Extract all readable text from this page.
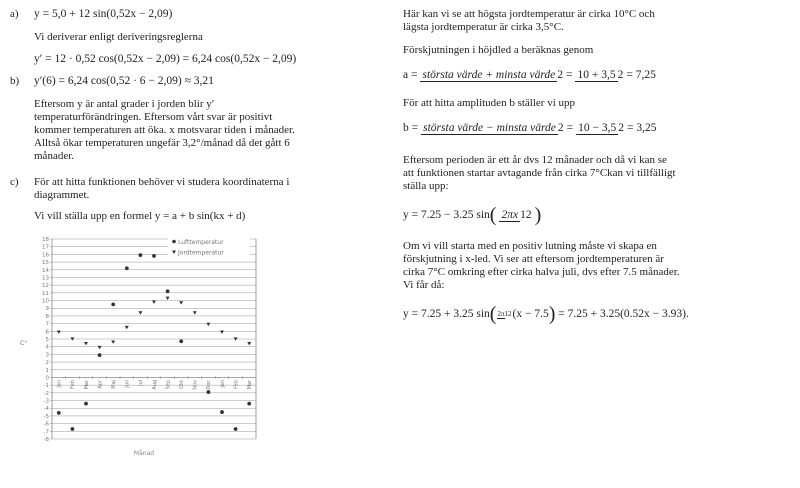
a) y = 5,0 + 12 sin(0,52x − 2,09)
Vi deriverar enligt deriveringsreglerna
y′ = 12 · 0,52 cos(0,52x − 2,09) = 6,24 cos(0,52x − 2,09)
b) y′(6) = 6,24 cos(0,52 · 6 − 2,09) ≈ 3,21
Eftersom y är antal grader i jorden blir y′
temperaturförändringen. Eftersom vårt svar är positivt
kommer temperaturen att öka. x motsvarar tiden i månader.
Alltså ökar temperaturen ungefär 3,2°/månad då det gått 6
månader.
c) För att hitta funktionen behöver vi studera koordinaterna i
diagrammet.
Vi vill ställa upp en formel y = a + b sin(kx + d)
-8
-7
-6
-5
-4
-3
-2
-1
0
1
2
3
4
5
6
7
8
9
10
11
12
13
14
15
16
17
18
Jan Feb Mar Apr Maj Jun Jul Aug Sep Okt Nov Dec Jan Feb Mar
Lufttemperatur
Jordtemperatur
C°
Månad
Här kan vi se att högsta jordtemperatur är cirka 10°C och
lägsta jordtemperatur är cirka 3,5°C.
Förskjutningen i höjdled a beräknas genom
a = största värde + minsta värde 2 = 10 + 3,5 2 = 7,25
För att hitta amplituden b ställer vi upp
b = största värde − minsta värde 2 = 10 − 3,5 2 = 3,25
Eftersom perioden är ett år dvs 12 månader och då vi kan se
att funktionen startar avtagande från cirka 7°Ckan vi tillfälligt
ställa upp:
y = 7.25 − 3.25 sin ( 2πx 12 )
Om vi vill starta med en positiv lutning måste vi skapa en
förskjutning i x-led. Vi ser att eftersom jordtemperaturen är
cirka 7°C omkring efter cirka halva juli, dvs efter 7.5 månader.
Vi får då:
y = 7.25 + 3.25 sin ( 2π12 (x − 7.5 )
= 7.25 + 3.25(0.52x − 3.93).
